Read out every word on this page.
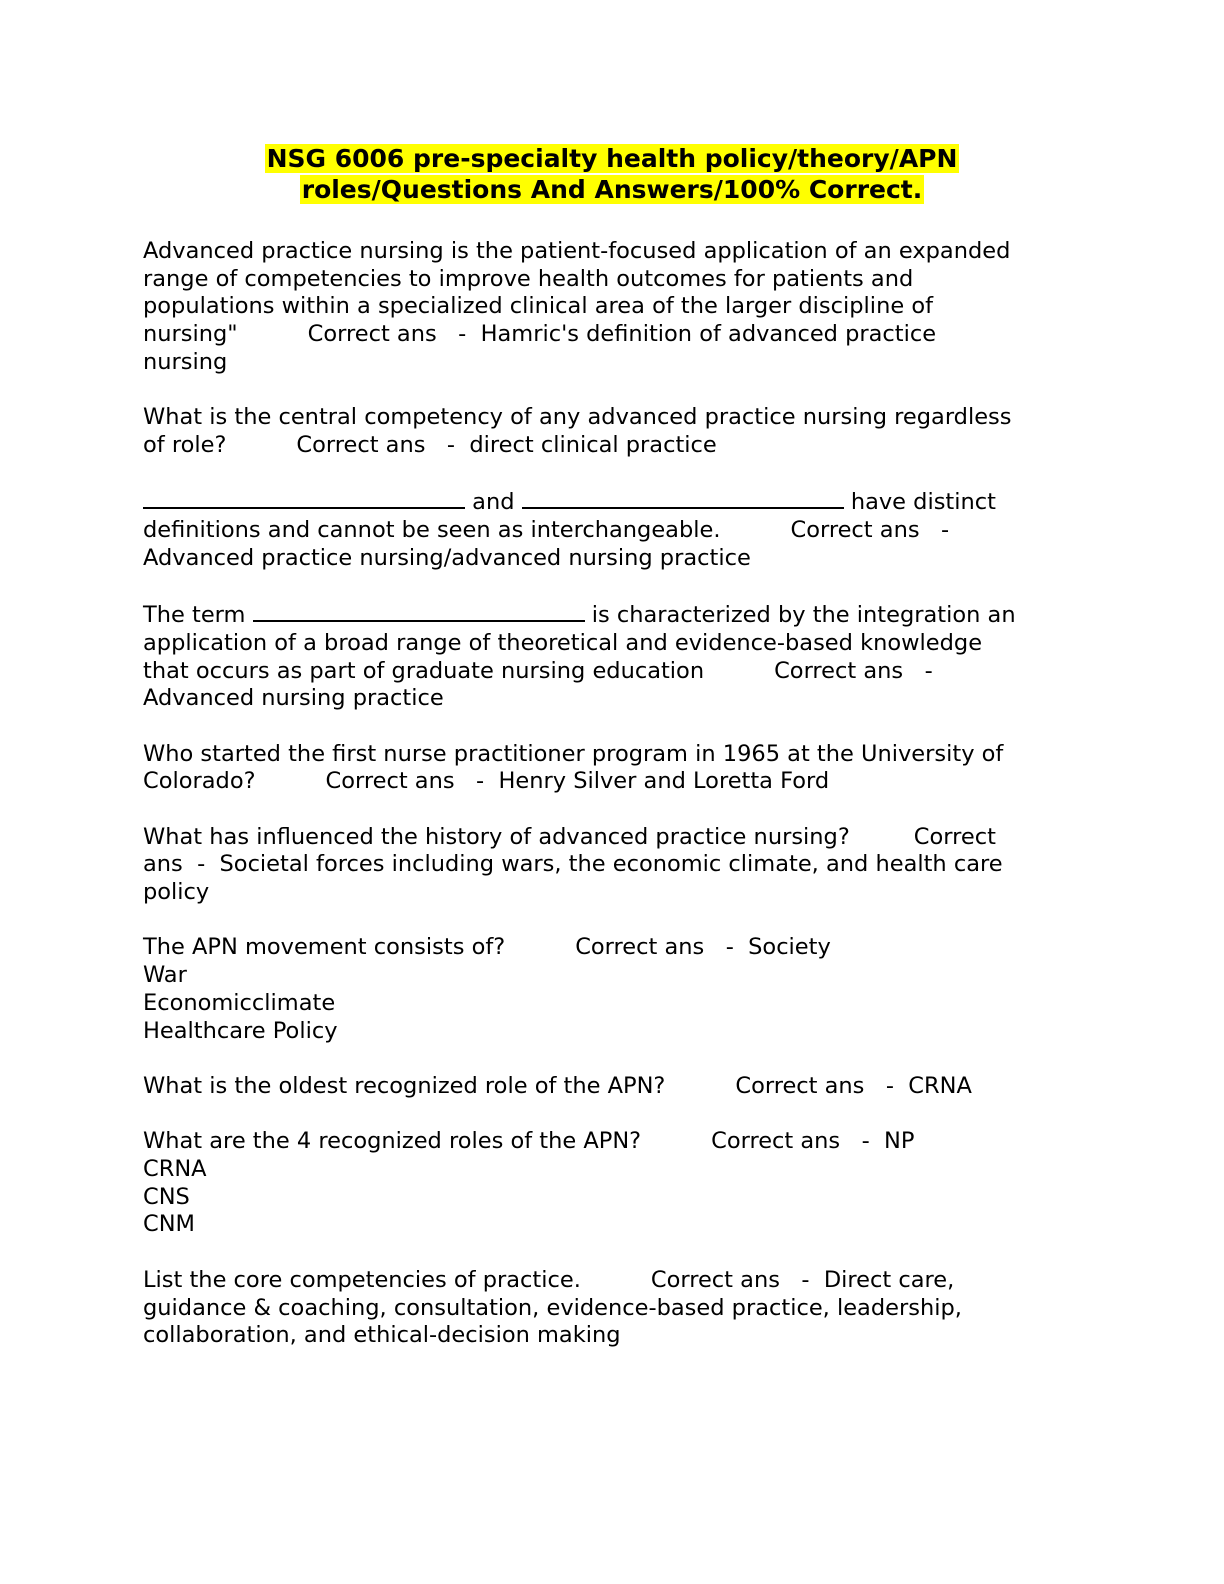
NSG 6006 pre-specialty health policy/theory/APN
roles/Questions And Answers/100% Correct.
Advanced practice nursing is the patient-focused application of an expanded
range of competencies to improve health outcomes for patients and
populations within a specialized clinical area of the larger discipline of
nursing"	Correct ans   -  Hamric's definition of advanced practice
nursing
What is the central competency of any advanced practice nursing regardless
of role?	Correct ans   -  direct clinical practice
and	have distinct
definitions and cannot be seen as interchangeable.	Correct ans   -
Advanced practice nursing/advanced nursing practice
The term	is characterized by the integration an
application of a broad range of theoretical and evidence-based knowledge
that occurs as part of graduate nursing education	Correct ans   -
Advanced nursing practice
Who started the first nurse practitioner program in 1965 at the University of
Colorado?	Correct ans   -  Henry Silver and Loretta Ford
What has influenced the history of advanced practice nursing?	Correct
ans  -  Societal forces including wars, the economic climate, and health care
policy
The APN movement consists of?	Correct ans   -  Society
War
Economicclimate
Healthcare Policy
What is the oldest recognized role of the APN?	Correct ans   -  CRNA
What are the 4 recognized roles of the APN?	Correct ans   -  NP
CRNA
CNS
CNM
List the core competencies of practice.	Correct ans   -  Direct care,
guidance & coaching, consultation, evidence-based practice, leadership,
collaboration, and ethical-decision making
